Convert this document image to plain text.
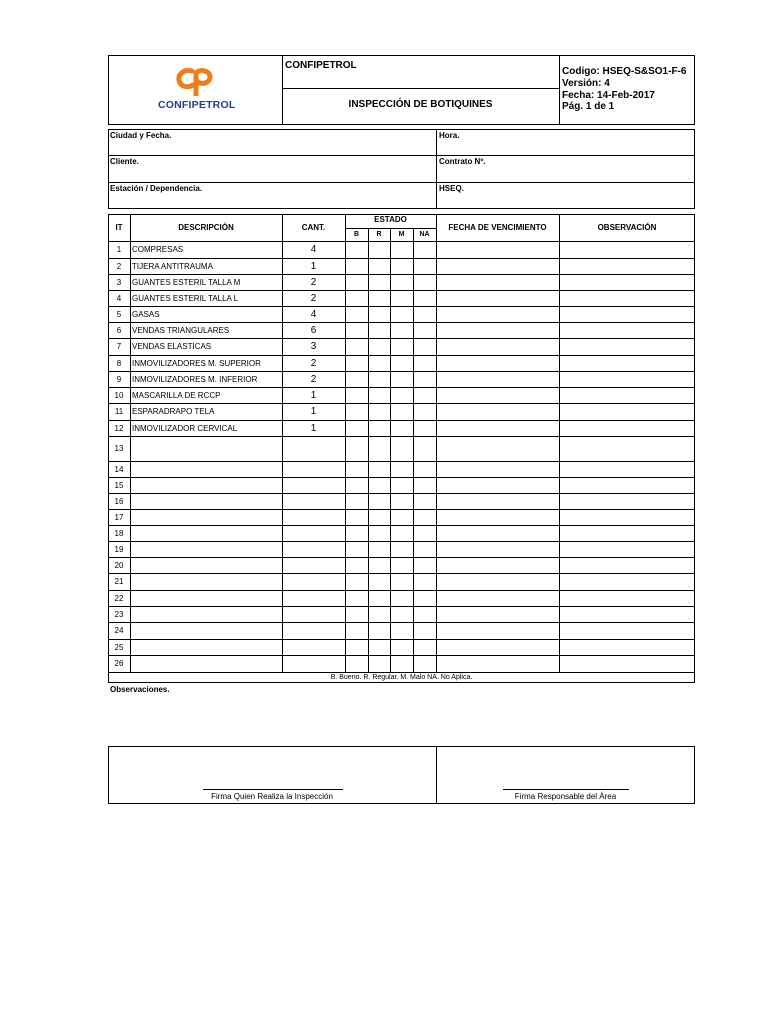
CONFIPETROL
CONFIPETROL
INSPECCIÓN DE BOTIQUINES
Codigo: HSEQ-S&SO1-F-6
Versión: 4
Fecha: 14-Feb-2017
Pág. 1 de 1
Ciudad y Fecha.	Hora.
Cliente.	Contrato Nº.
Estación / Dependencia.	HSEQ.
IT	DESCRIPCIÓN	CANT.
ESTADO
B	R	M	NA
FECHA DE VENCIMIENTO	OBSERVACIÓN
1	COMPRESAS	4
2	TIJERA ANTITRAUMA	1
3	GUANTES ESTERIL TALLA M	2
4	GUANTES ESTERIL TALLA L	2
5	GASAS	4
6	VENDAS TRIANGULARES	6
7	VENDAS ELASTICAS	3
8	INMOVILIZADORES M. SUPERIOR	2
9	INMOVILIZADORES M. INFERIOR	2
10	MASCARILLA DE RCCP	1
11	ESPARADRAPO TELA	1
12	INMOVILIZADOR CERVICAL	1
13
14
15
16
17
18
19
20
21
22
23
24
25
26
B. Bueno. R. Regular. M. Malo NA. No Aplica.
Observaciones.
Firma Quien Realiza la Inspección	Firma Responsable del Área
